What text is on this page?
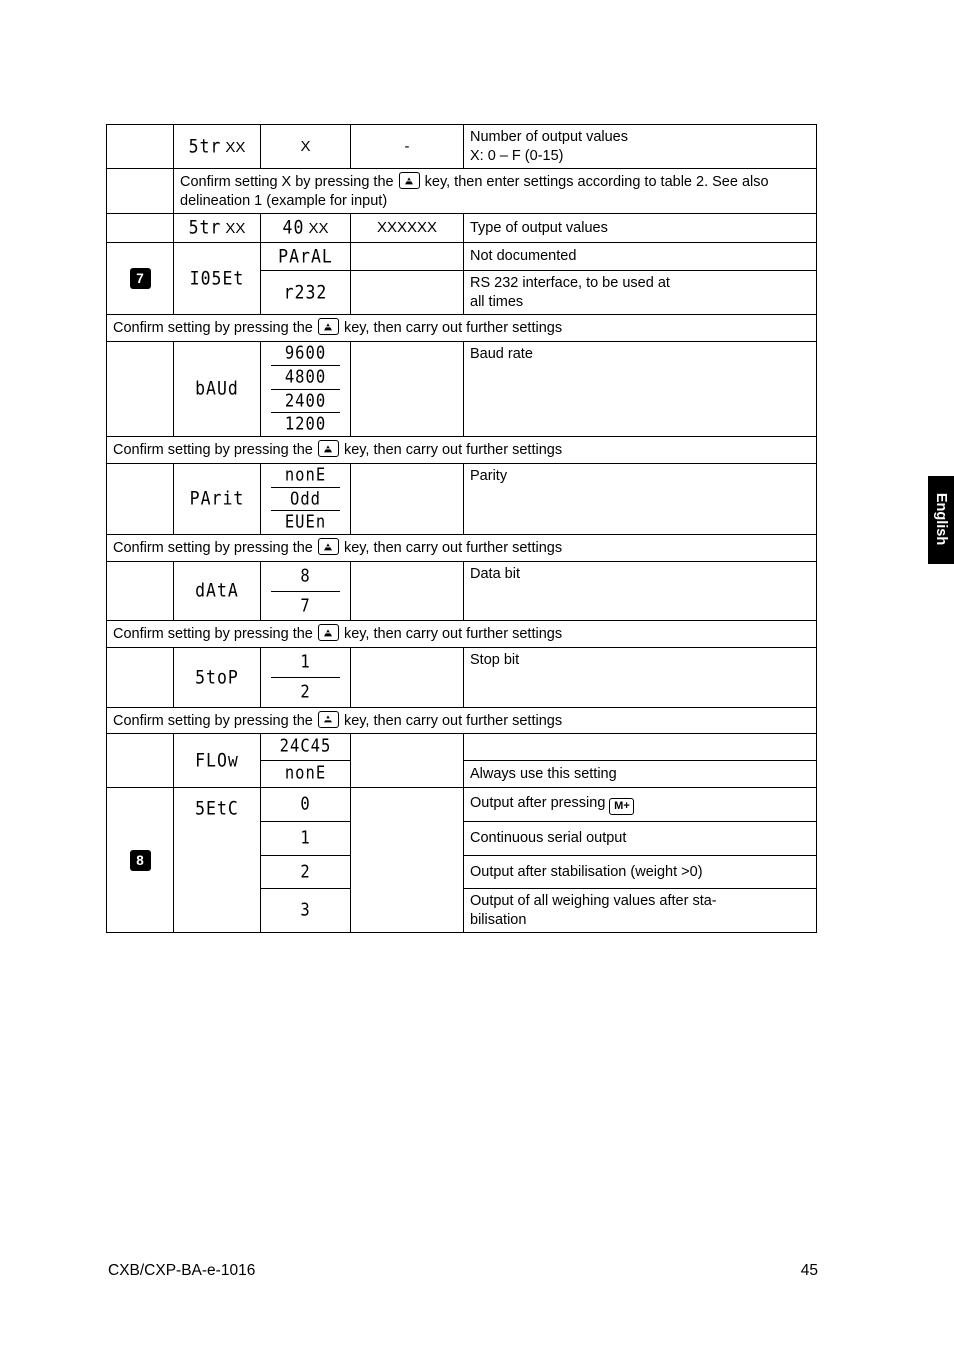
	5tr XX	X	-	Number of output values
X: 0 – F (0-15)

	Confirm setting X by pressing the key, then enter settings according to table 2. See also delineation 1 (example for input)			
	5tr XX	40 XX	XXXXXX	Type of output values
7	I05Et	PArAL		Not documented
		r232		RS 232 interface, to be used at
all times

Confirm setting by pressing the key, then carry out further settings				
	bAUd	9600
4800
2400
1200		Baud rate
Confirm setting by pressing the key, then carry out further settings				
	PArit	nonE
Odd
EUEn		Parity
Confirm setting by pressing the key, then carry out further settings				
	dAtA	8
7		Data bit
Confirm setting by pressing the key, then carry out further settings				
	5toP	1
2		Stop bit
Confirm setting by pressing the key, then carry out further settings				
	FLOw	24C45		
		nonE		Always use this setting
8	5EtC	0		Output after pressing M+
		1		Continuous serial output
		2		Output after stabilisation (weight >0)
		3		Output of all weighing values after sta-
bilisation
English
CXB/CXP-BA-e-1016	45
